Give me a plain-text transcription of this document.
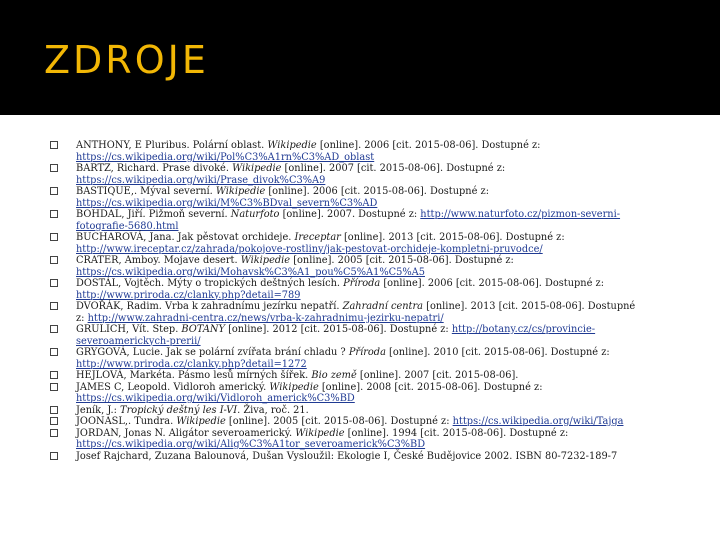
ZDROJE
ANTHONY, E Pluribus. Polární oblast. Wikipedie [online]. 2006 [cit. 2015-08-06]. Dostupné z:
https://cs.wikipedia.org/wiki/Pol%C3%A1rn%C3%AD_oblast
BARTZ, Richard. Prase divoké. Wikipedie [online]. 2007 [cit. 2015-08-06]. Dostupné z:
https://cs.wikipedia.org/wiki/Prase_divok%C3%A9
BASTIQUE,. Mýval severní. Wikipedie [online]. 2006 [cit. 2015-08-06]. Dostupné z:
https://cs.wikipedia.org/wiki/M%C3%BDval_severn%C3%AD
BOHDAL, Jiří. Pižmoň severní. Naturfoto [online]. 2007. Dostupné z: http://www.naturfoto.cz/pizmon-severni-
fotografie-5680.html
BUCHAROVÁ, Jana. Jak pěstovat orchideje. Ireceptar [online]. 2013 [cit. 2015-08-06]. Dostupné z:
http://www.ireceptar.cz/zahrada/pokojove-rostliny/jak-pestovat-orchideje-kompletni-pruvodce/
CRATER, Amboy. Mojave desert. Wikipedie [online]. 2005 [cit. 2015-08-06]. Dostupné z:
https://cs.wikipedia.org/wiki/Mohavsk%C3%A1_pou%C5%A1%C5%A5
DOSTÁL, Vojtěch. Mýty o tropických deštných lesích. Příroda [online]. 2006 [cit. 2015-08-06]. Dostupné z:
http://www.priroda.cz/clanky.php?detail=789
DVOŘÁK, Radim. Vrba k zahradnímu jezírku nepatří. Zahradní centra [online]. 2013 [cit. 2015-08-06]. Dostupné
z: http://www.zahradni-centra.cz/news/vrba-k-zahradnimu-jezirku-nepatri/
GRULICH, Vít. Step. BOTANY [online]. 2012 [cit. 2015-08-06]. Dostupné z: http://botany.cz/cs/provincie-
severoamerickych-prerii/
GRYGOVÁ, Lucie. Jak se polární zvířata brání chladu ? Příroda [online]. 2010 [cit. 2015-08-06]. Dostupné z:
http://www.priroda.cz/clanky.php?detail=1272
HEJLOVÁ, Markéta. Pásmo lesů mírných šířek. Bio země [online]. 2007 [cit. 2015-08-06].
JAMES C, Leopold. Vidloroh americký. Wikipedie [online]. 2008 [cit. 2015-08-06]. Dostupné z:
https://cs.wikipedia.org/wiki/Vidloroh_americk%C3%BD
Jeník, J.: Tropický deštný les I-VI. Živa, roč. 21.
JOONASL,. Tundra. Wikipedie [online]. 2005 [cit. 2015-08-06]. Dostupné z: https://cs.wikipedia.org/wiki/Tajga
JORDAN, Jonas N. Aligátor severoamerický. Wikipedie [online]. 1994 [cit. 2015-08-06]. Dostupné z:
https://cs.wikipedia.org/wiki/Alig%C3%A1tor_severoamerick%C3%BD
Josef Rajchard, Zuzana Balounová, Dušan Vysloužil: Ekologie I, České Budějovice 2002. ISBN 80-7232-189-7
